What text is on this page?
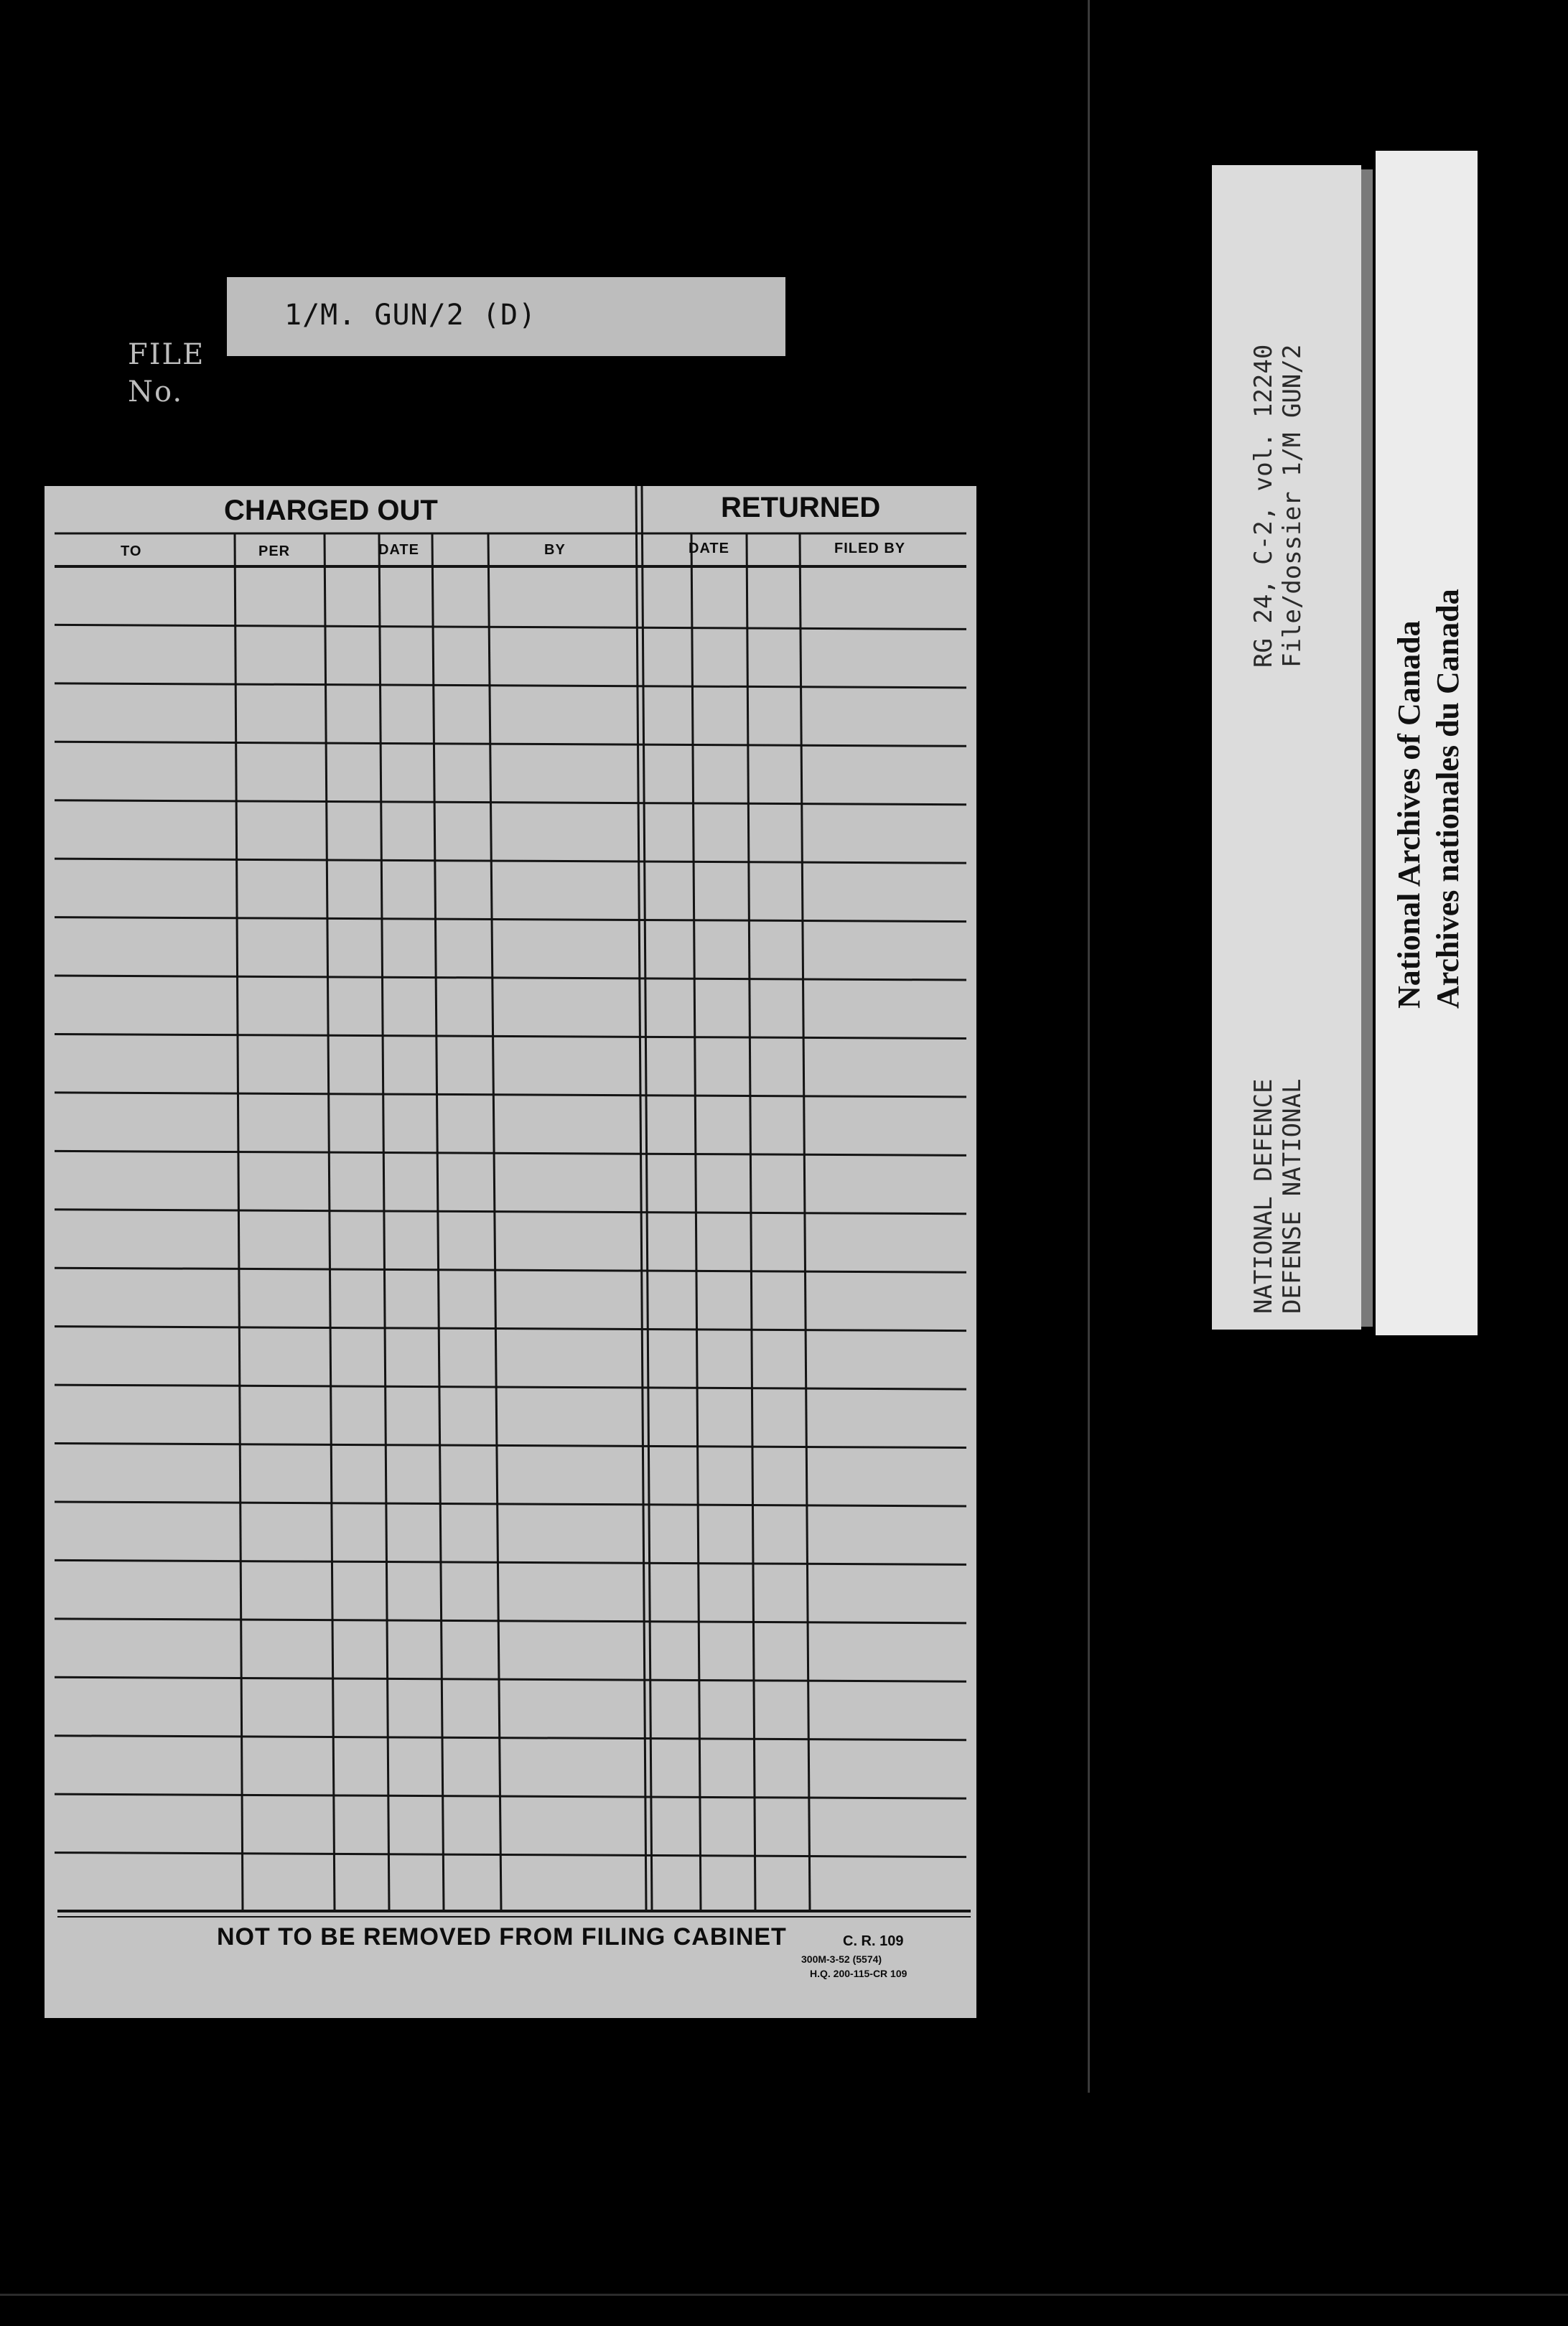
FILE
No.
1/M. GUN/2 (D)
CHARGED OUT	RETURNED
TO	PER	DATE	BY	DATE	FILED BY
NOT TO BE REMOVED FROM FILING CABINET	C. R. 109
300M-3-52 (5574)
H.Q. 200-115-CR 109
RG 24, C-2, vol. 12240 File/dossier 1/M GUN/2
NATIONAL DEFENCE DEFENSE NATIONAL
National Archives of Canada Archives nationales du Canada
